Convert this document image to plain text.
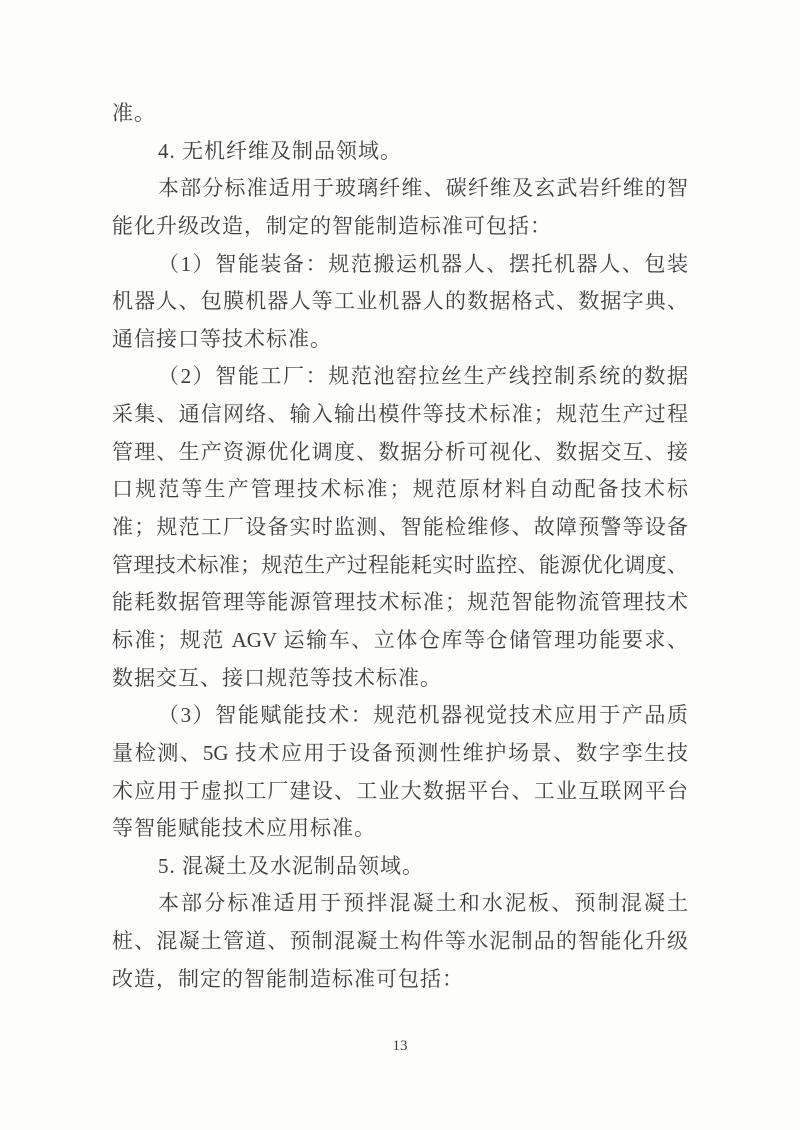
准。
4. 无机纤维及制品领域。
本部分标准适用于玻璃纤维、碳纤维及玄武岩纤维的智
能化升级改造，制定的智能制造标准可包括：
（1）智能装备：规范搬运机器人、摆托机器人、包装
机器人、包膜机器人等工业机器人的数据格式、数据字典、
通信接口等技术标准。
（2）智能工厂：规范池窑拉丝生产线控制系统的数据
采集、通信网络、输入输出模件等技术标准；规范生产过程
管理、生产资源优化调度、数据分析可视化、数据交互、接
口规范等生产管理技术标准；规范原材料自动配备技术标
准；规范工厂设备实时监测、智能检维修、故障预警等设备
管理技术标准；规范生产过程能耗实时监控、能源优化调度、
能耗数据管理等能源管理技术标准；规范智能物流管理技术
标准；规范 AGV 运输车、立体仓库等仓储管理功能要求、
数据交互、接口规范等技术标准。
（3）智能赋能技术：规范机器视觉技术应用于产品质
量检测、5G 技术应用于设备预测性维护场景、数字孪生技
术应用于虚拟工厂建设、工业大数据平台、工业互联网平台
等智能赋能技术应用标准。
5. 混凝土及水泥制品领域。
本部分标准适用于预拌混凝土和水泥板、预制混凝土
桩、混凝土管道、预制混凝土构件等水泥制品的智能化升级
改造，制定的智能制造标准可包括：
13
